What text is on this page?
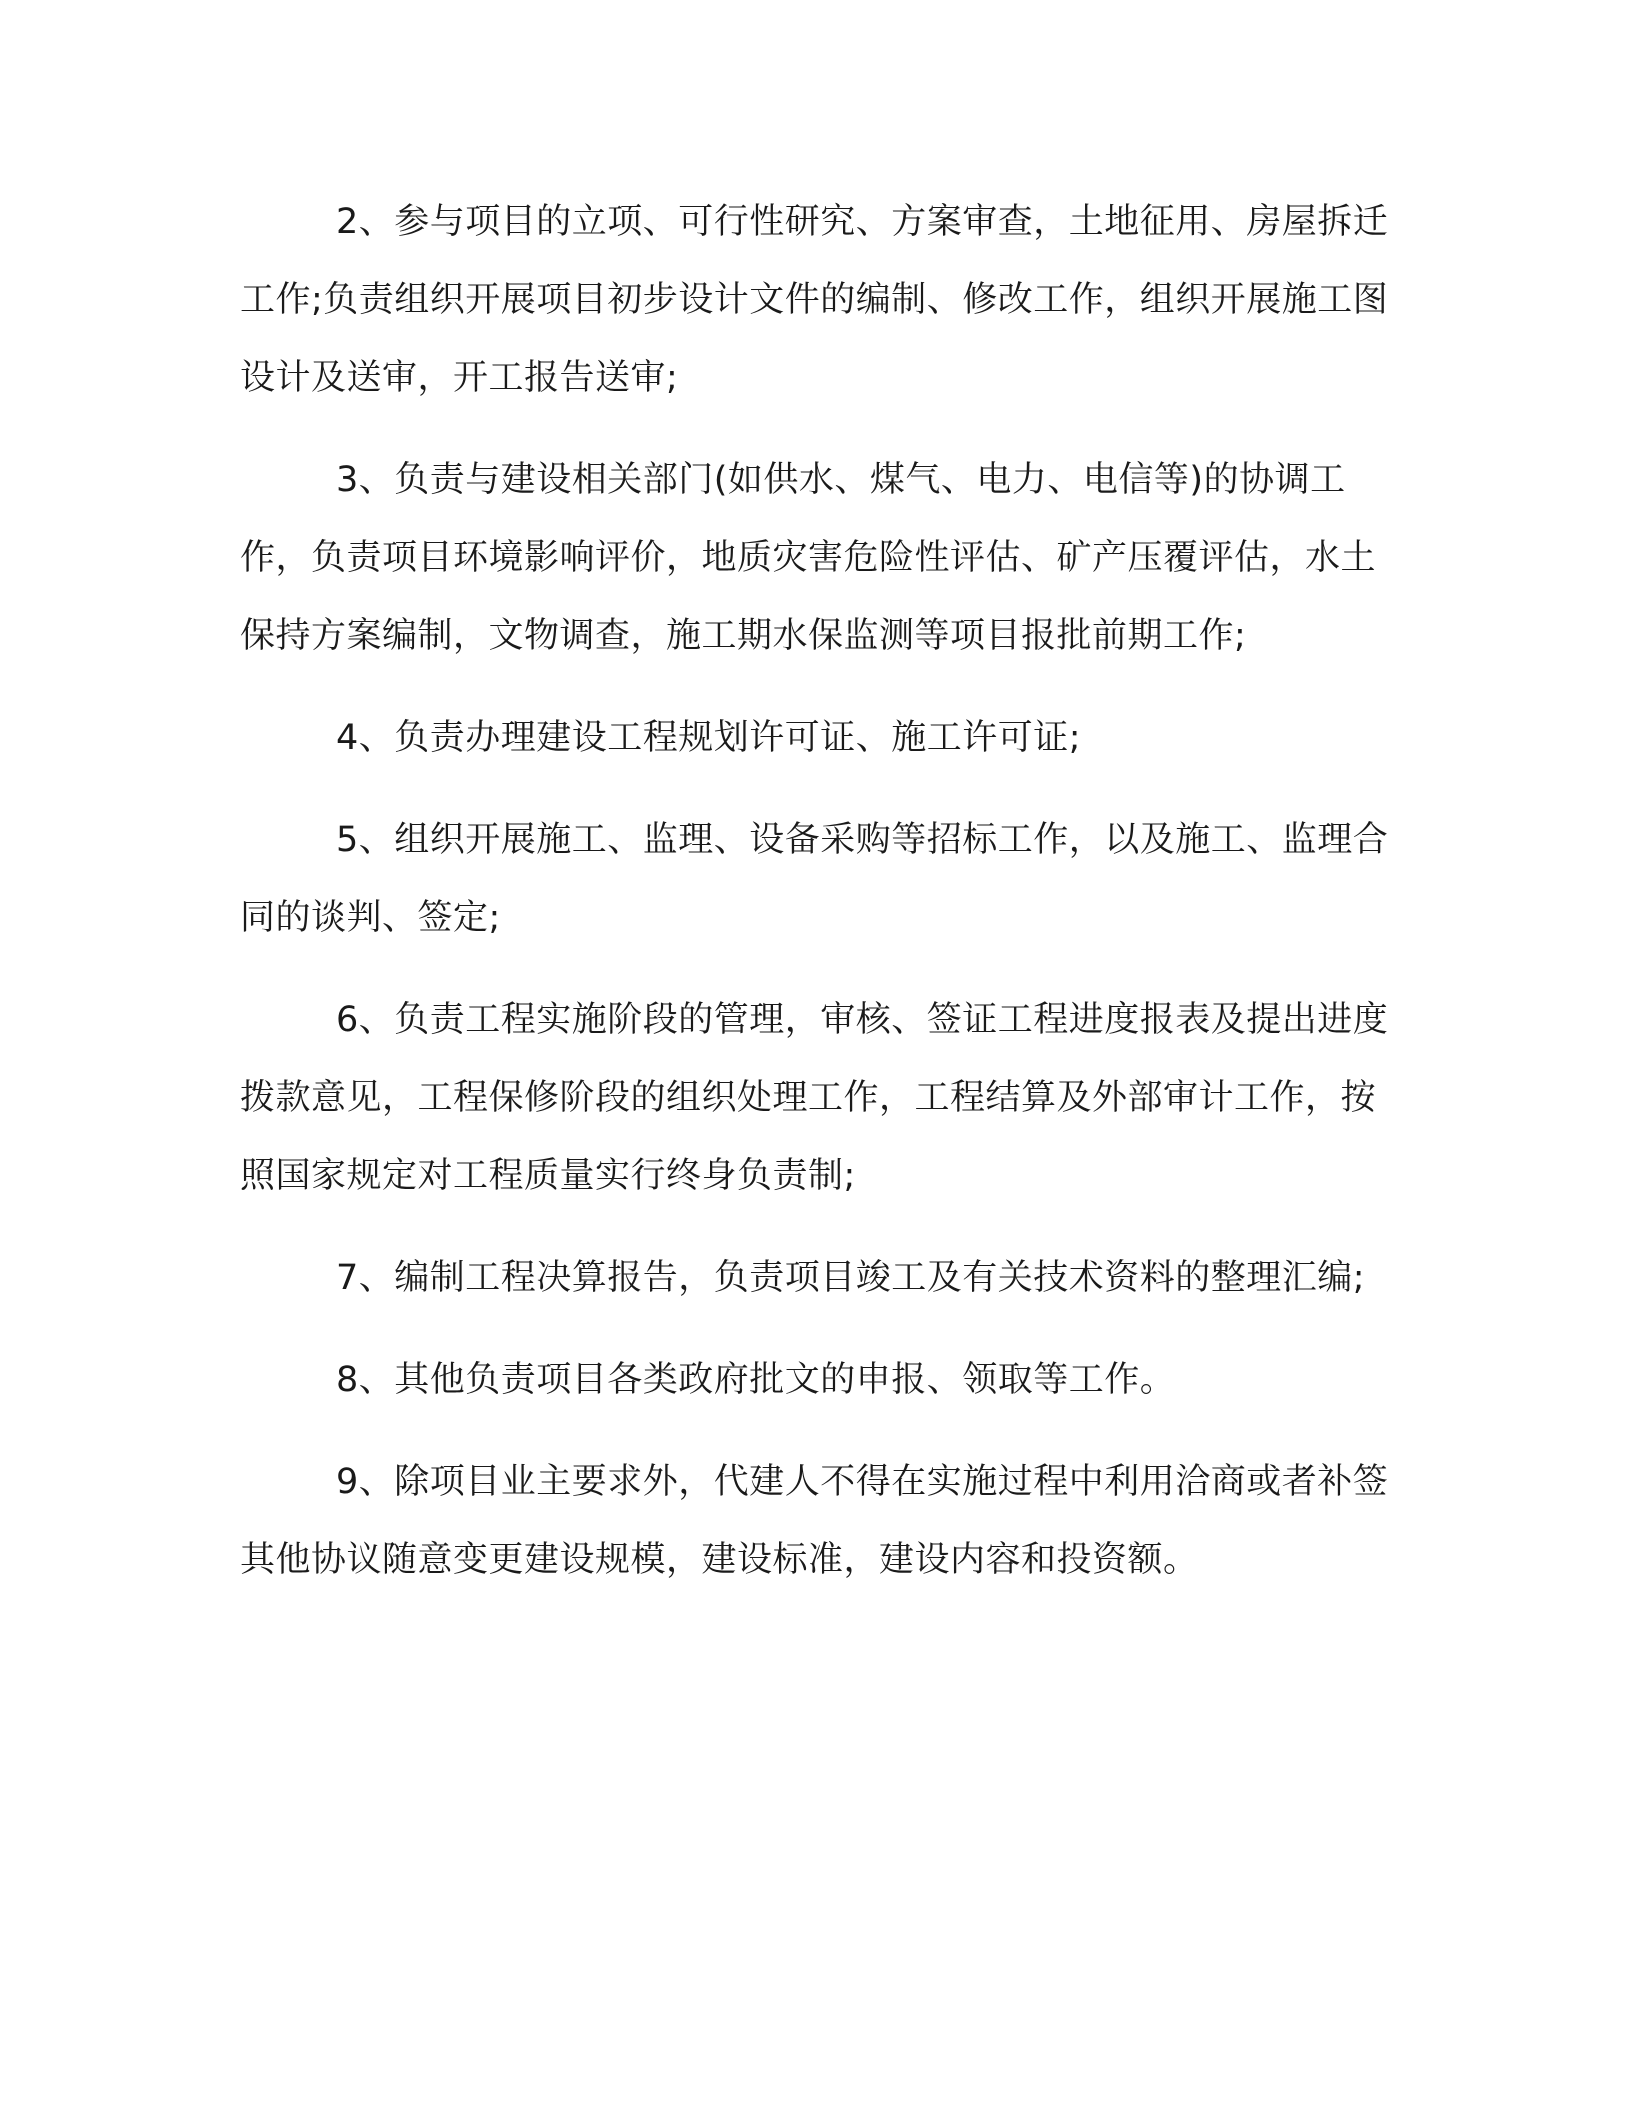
2、参与项目的立项、可行性研究、方案审查，土地征用、房屋拆迁工作;负责组织开展项目初步设计文件的编制、修改工作，组织开展施工图设计及送审，开工报告送审;

3、负责与建设相关部门(如供水、煤气、电力、电信等)的协调工作，负责项目环境影响评价，地质灾害危险性评估、矿产压覆评估，水土保持方案编制，文物调查，施工期水保监测等项目报批前期工作;

4、负责办理建设工程规划许可证、施工许可证;

5、组织开展施工、监理、设备采购等招标工作，以及施工、监理合同的谈判、签定;

6、负责工程实施阶段的管理，审核、签证工程进度报表及提出进度拨款意见，工程保修阶段的组织处理工作，工程结算及外部审计工作，按照国家规定对工程质量实行终身负责制;

7、编制工程决算报告，负责项目竣工及有关技术资料的整理汇编;

8、其他负责项目各类政府批文的申报、领取等工作。

9、除项目业主要求外，代建人不得在实施过程中利用洽商或者补签其他协议随意变更建设规模，建设标准，建设内容和投资额。
